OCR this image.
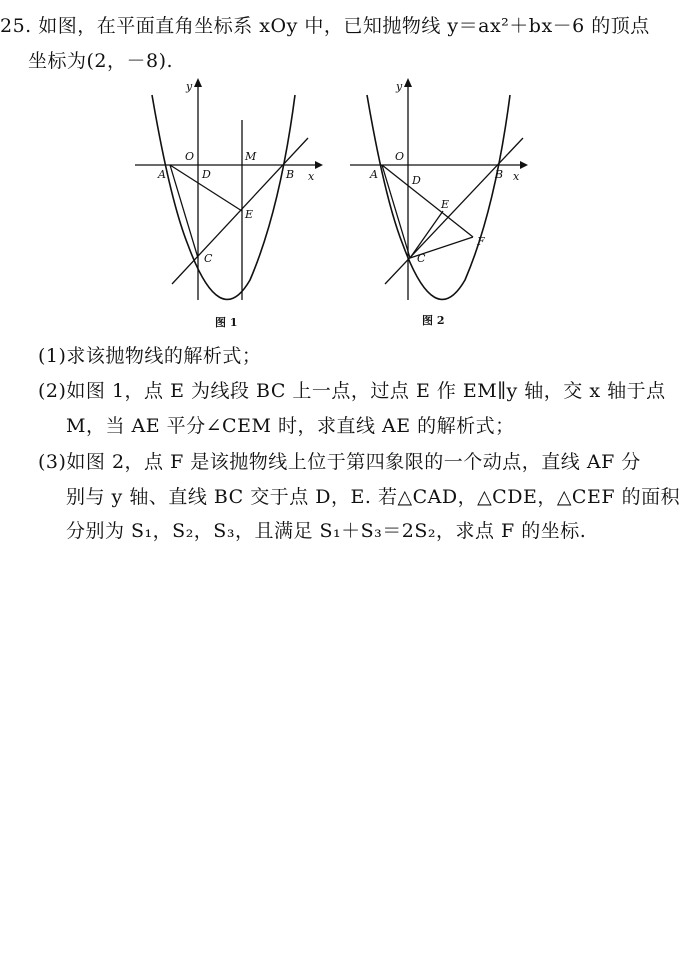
25. 如图，在平面直角坐标系 xOy 中，已知抛物线 y＝ax²＋bx－6 的顶点
坐标为(2，－8).
y
x
O	M
A	D	B
E
C
图 1
y
x
O
A	D	B
E
F
C
图 2
(1)求该抛物线的解析式；
(2)如图 1，点 E 为线段 BC 上一点，过点 E 作 EM∥y 轴，交 x 轴于点
M，当 AE 平分∠CEM 时，求直线 AE 的解析式；
(3)如图 2，点 F 是该抛物线上位于第四象限的一个动点，直线 AF 分
别与 y 轴、直线 BC 交于点 D，E. 若△CAD，△CDE，△CEF 的面积
分别为 S₁，S₂，S₃，且满足 S₁＋S₃＝2S₂，求点 F 的坐标.
